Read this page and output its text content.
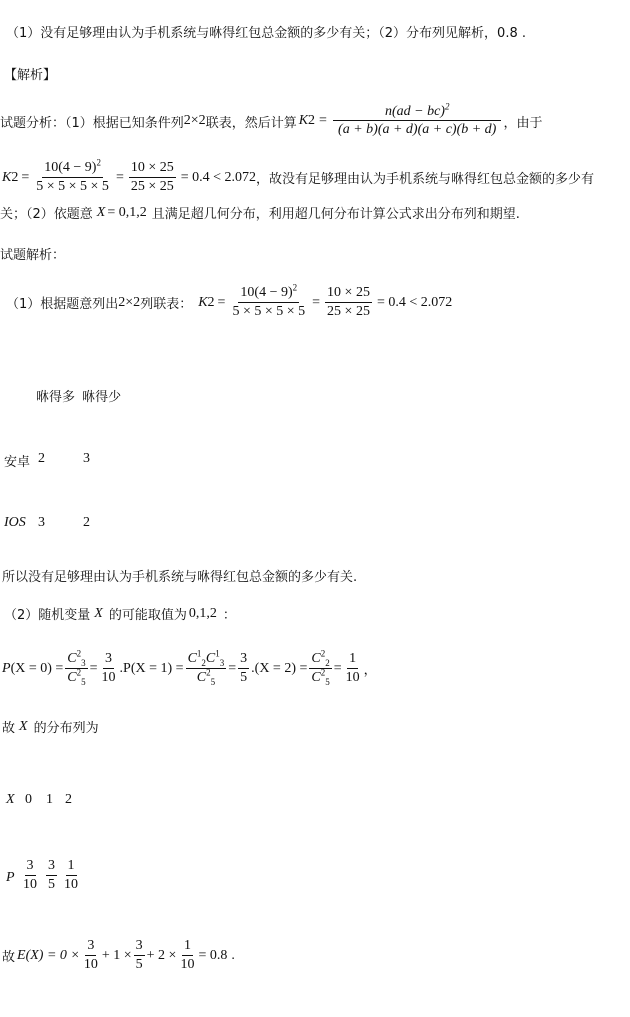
（1）没有足够理由认为手机系统与咻得红包总金额的多少有关；（2）分布列见解析，0.8 .
【解析】
试题分析：（1）根据已知条件列 2×2 联表，然后计算 K $2 = \frac{n(ad - bc)^2}{(a + b)(a + d)(a + c)(b + d)}$ ，由于
K $2 = \frac{10(4 - 9)^2}{5 \times 5 \times 5 \times 5} = \frac{10 \times 25}{25 \times 25} = 0.4 < 2.072$ ，故没有足够理由认为手机系统与咻得红包总金额的多少有
关；（2）依题意 X = 0,1,2 且满足超几何分布，利用超几何分布计算公式求出分布列和期望.
试题解析：
（1）根据题意列出 2×2 列联表： K $2 = \frac{10(4 - 9)^2}{5 \times 5 \times 5 \times 5} = \frac{10 \times 25}{25 \times 25} = 0.4 < 2.072$
咻得多 咻得少
安卓 2	3
IOS 3	2
所以没有足够理由认为手机系统与咻得红包总金额的多少有关.
（2）随机变量 X 的可能取值为 0,1,2 ：
P $(X = 0) = \frac{C^2_3}{C^2_5} = \frac{3}{10} .P(X = 1) = \frac{C^1_2C^1_3}{C^2_5} = \frac{3}{5} .(X = 2) = \frac{C^2_2}{C^2_5} = \frac{1}{10}$ ，
故 X 的分布列为
X 0 1 2
P $\frac{3}{10} \frac{3}{5} \frac{1}{10}$
故 $E(X) = 0 \times \frac{3}{10} + 1 \times \frac{3}{5} + 2 \times \frac{1}{10} = 0.8$ .
